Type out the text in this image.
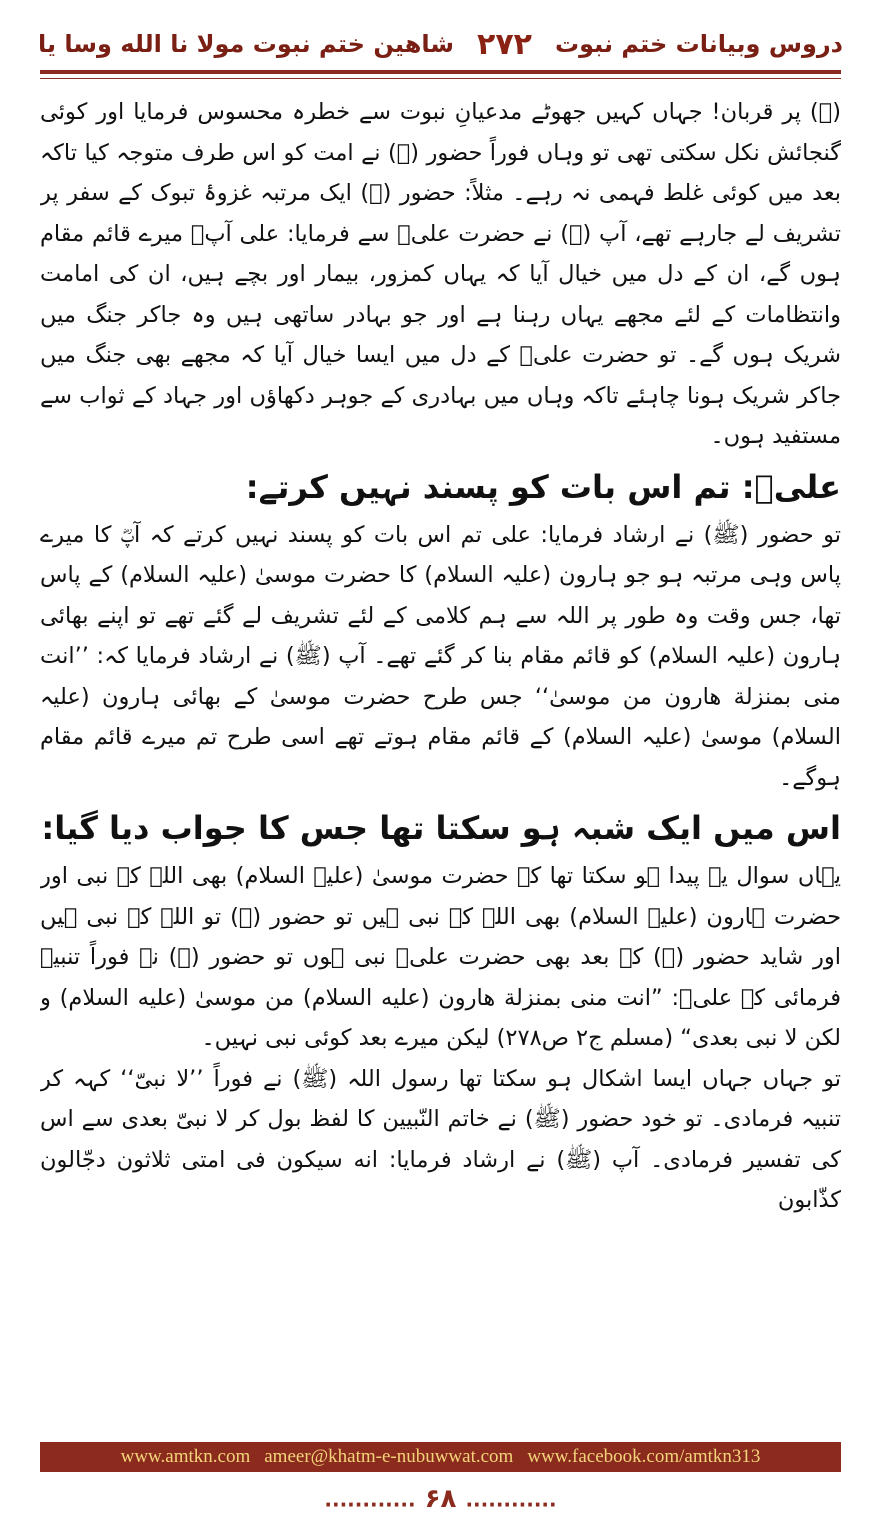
دروس وبیانات ختم نبوت
۲۷۲
شاهین ختم نبوت مولا نا الله وسا یا

(ﷺ) پر قربان! جہاں کہیں جھوٹے مدعیانِ نبوت سے خطرہ محسوس فرمایا اور کوئی گنجائش نکل سکتی تھی تو وہاں فوراً حضور (ﷺ) نے امت کو اس طرف متوجہ کیا تاکہ بعد میں کوئی غلط فہمی نہ رہے۔ مثلاً: حضور (ﷺ) ایک مرتبہ غزوۂ تبوک کے سفر پر تشریف لے جارہے تھے، آپ (ﷺ) نے حضرت علیؓ سے فرمایا: علی آپؓ میرے قائم مقام ہوں گے، ان کے دل میں خیال آیا کہ یہاں کمزور، بیمار اور بچے ہیں، ان کی امامت وانتظامات کے لئے مجھے یہاں رہنا ہے اور جو بہادر ساتھی ہیں وہ جاکر جنگ میں شریک ہوں گے۔ تو حضرت علیؓ کے دل میں ایسا خیال آیا کہ مجھے بھی جنگ میں جاکر شریک ہونا چاہئے تاکہ وہاں میں بہادری کے جوہر دکھاؤں اور جہاد کے ثواب سے مستفید ہوں۔

علیؓ: تم اس بات کو پسند نہیں کرتے:

تو حضور (ﷺ) نے ارشاد فرمایا: علی تم اس بات کو پسند نہیں کرتے کہ آپؓ کا میرے پاس وہی مرتبہ ہو جو ہارون (علیہ السلام) کا حضرت موسیٰ (علیہ السلام) کے پاس تھا، جس وقت وہ طور پر اللہ سے ہم کلامی کے لئے تشریف لے گئے تھے تو اپنے بھائی ہارون (علیہ السلام) کو قائم مقام بنا کر گئے تھے۔ آپ (ﷺ) نے ارشاد فرمایا کہ: ’’انت منی بمنزلة هارون من موسیٰ‘‘ جس طرح حضرت موسیٰ کے بھائی ہارون (علیہ السلام) موسیٰ (علیہ السلام) کے قائم مقام ہوتے تھے اسی طرح تم میرے قائم مقام ہوگے۔

اس میں ایک شبہ ہو سکتا تھا جس کا جواب دیا گیا:

یہاں سوال یہ پیدا ہو سکتا تھا کہ حضرت موسیٰ (علیہ السلام) بھی اللہ کے نبی اور حضرت ہارون (علیہ السلام) بھی اللہ کے نبی ہیں تو حضور (ﷺ) تو اللہ کے نبی ہیں اور شاید حضور (ﷺ) کے بعد بھی حضرت علیؓ نبی ہوں تو حضور (ﷺ) نے فوراً تنبیہ فرمائی کہ علیؓ: ”انت منی بمنزلة هارون (علیه السلام) من موسیٰ (علیه السلام) و لکن لا نبی بعدی“ (مسلم ج۲ ص۲۷۸) لیکن میرے بعد کوئی نبی نہیں۔

تو جہاں جہاں ایسا اشکال ہو سکتا تھا رسول اللہ (ﷺ) نے فوراً ’’لا نبیّ‘‘ کہہ کر تنبیہ فرمادی۔ تو خود حضور (ﷺ) نے خاتم النّبیین کا لفظ بول کر لا نبیّ بعدی سے اس کی تفسیر فرمادی۔ آپ (ﷺ) نے ارشاد فرمایا: انه سیکون فی امتی ثلاثون دجّالون کذّابون

www.amtkn.com ameer@khatm-e-nubuwwat.com www.facebook.com/amtkn313
............ ۶۸ ............
